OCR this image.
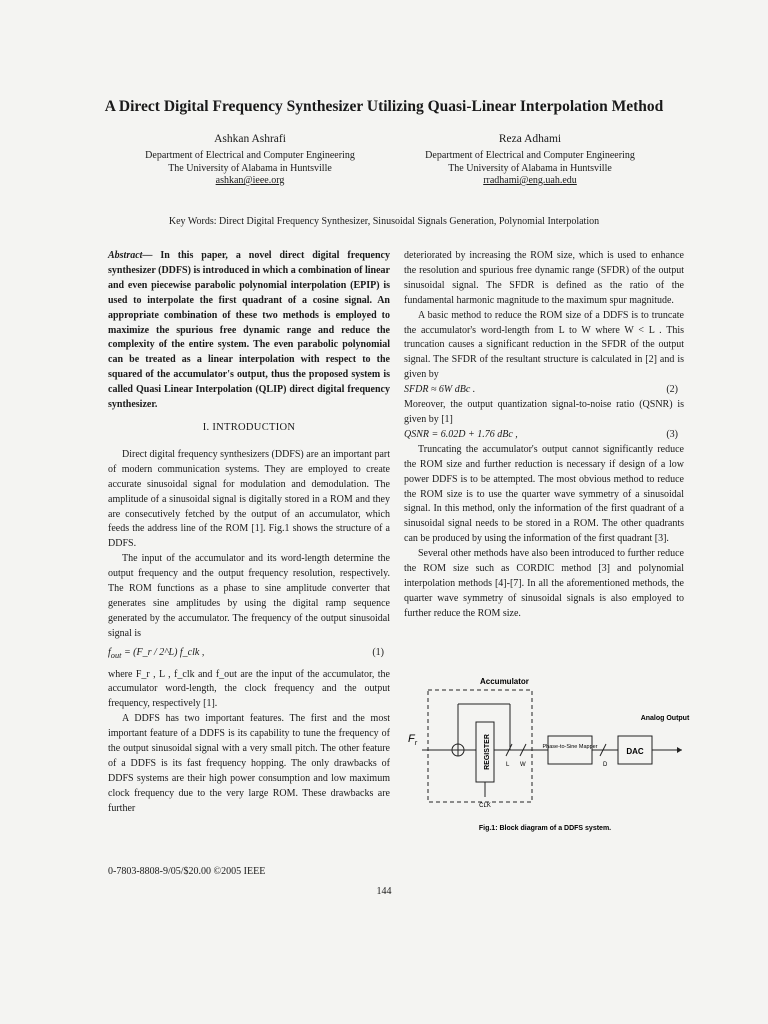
A Direct Digital Frequency Synthesizer Utilizing Quasi-Linear Interpolation Method
Ashkan Ashrafi
Department of Electrical and Computer Engineering
The University of Alabama in Huntsville
ashkan@ieee.org
Reza Adhami
Department of Electrical and Computer Engineering
The University of Alabama in Huntsville
rradhami@eng.uah.edu
Key Words: Direct Digital Frequency Synthesizer, Sinusoidal Signals Generation, Polynomial Interpolation

Abstract— In this paper, a novel direct digital frequency synthesizer (DDFS) is introduced in which a combination of linear and even piecewise parabolic polynomial interpolation (EPIP) is used to interpolate the first quadrant of a cosine signal. An appropriate combination of these two methods is employed to maximize the spurious free dynamic range and reduce the complexity of the entire system. The even parabolic polynomial can be treated as a linear interpolation with respect to the squared of the accumulator's output, thus the proposed system is called Quasi Linear Interpolation (QLIP) direct digital frequency synthesizer.

I. INTRODUCTION

Direct digital frequency synthesizers (DDFS) are an important part of modern communication systems. They are employed to create accurate sinusoidal signal for modulation and demodulation. The amplitude of a sinusoidal signal is digitally stored in a ROM and they are consecutively fetched by the output of an accumulator, which feeds the address line of the ROM [1]. Fig.1 shows the structure of a DDFS.

The input of the accumulator and its word-length determine the output frequency and the output frequency resolution, respectively. The ROM functions as a phase to sine amplitude converter that generates sine amplitudes by using the digital ramp sequence generated by the accumulator. The frequency of the output sinusoidal signal is

$f_{out}$ = (F_r / 2^L) f_clk ,	(1)

where F_r , L , f_clk and f_out are the input of the accumulator, the accumulator word-length, the clock frequency and the output frequency, respectively [1].

A DDFS has two important features. The first and the most important feature of a DDFS is its capability to tune the frequency of the output sinusoidal signal with a very small pitch. The other feature of a DDFS is its fast frequency hopping. The only drawbacks of DDFS systems are their high power consumption and low maximum clock frequency due to the very large ROM. These drawbacks are further

deteriorated by increasing the ROM size, which is used to enhance the resolution and spurious free dynamic range (SFDR) of the output sinusoidal signal. The SFDR is defined as the ratio of the fundamental harmonic magnitude to the maximum spur magnitude.

A basic method to reduce the ROM size of a DDFS is to truncate the accumulator's word-length from L to W where W < L . This truncation causes a significant reduction in the SFDR of the output signal. The SFDR of the resultant structure is calculated in [2] and is given by

SFDR ≈ 6W dBc .	(2)

Moreover, the output quantization signal-to-noise ratio (QSNR) is given by [1]

QSNR = 6.02D + 1.76 dBc ,	(3)

Truncating the accumulator's output cannot significantly reduce the ROM size and further reduction is necessary if design of a low power DDFS is to be attempted. The most obvious method to reduce the ROM size is to use the quarter wave symmetry of a sinusoidal signal. In this method, only the information of the first quadrant of a sinusoidal signal needs to be stored in a ROM. The other quadrants can be produced by using the information of the first quadrant [3].

Several other methods have also been introduced to further reduce the ROM size such as CORDIC method [3] and polynomial interpolation methods [4]-[7]. In all the aforementioned methods, the quarter wave symmetry of sinusoidal signals is also employed to further reduce the ROM size.

Accumulator
Analog Output
$F_r$	REGISTER
CLK
L W
Phase-to-Sine Mapper
D
DAC
Fig.1: Block diagram of a DDFS system.
0-7803-8808-9/05/$20.00 ©2005 IEEE
144
